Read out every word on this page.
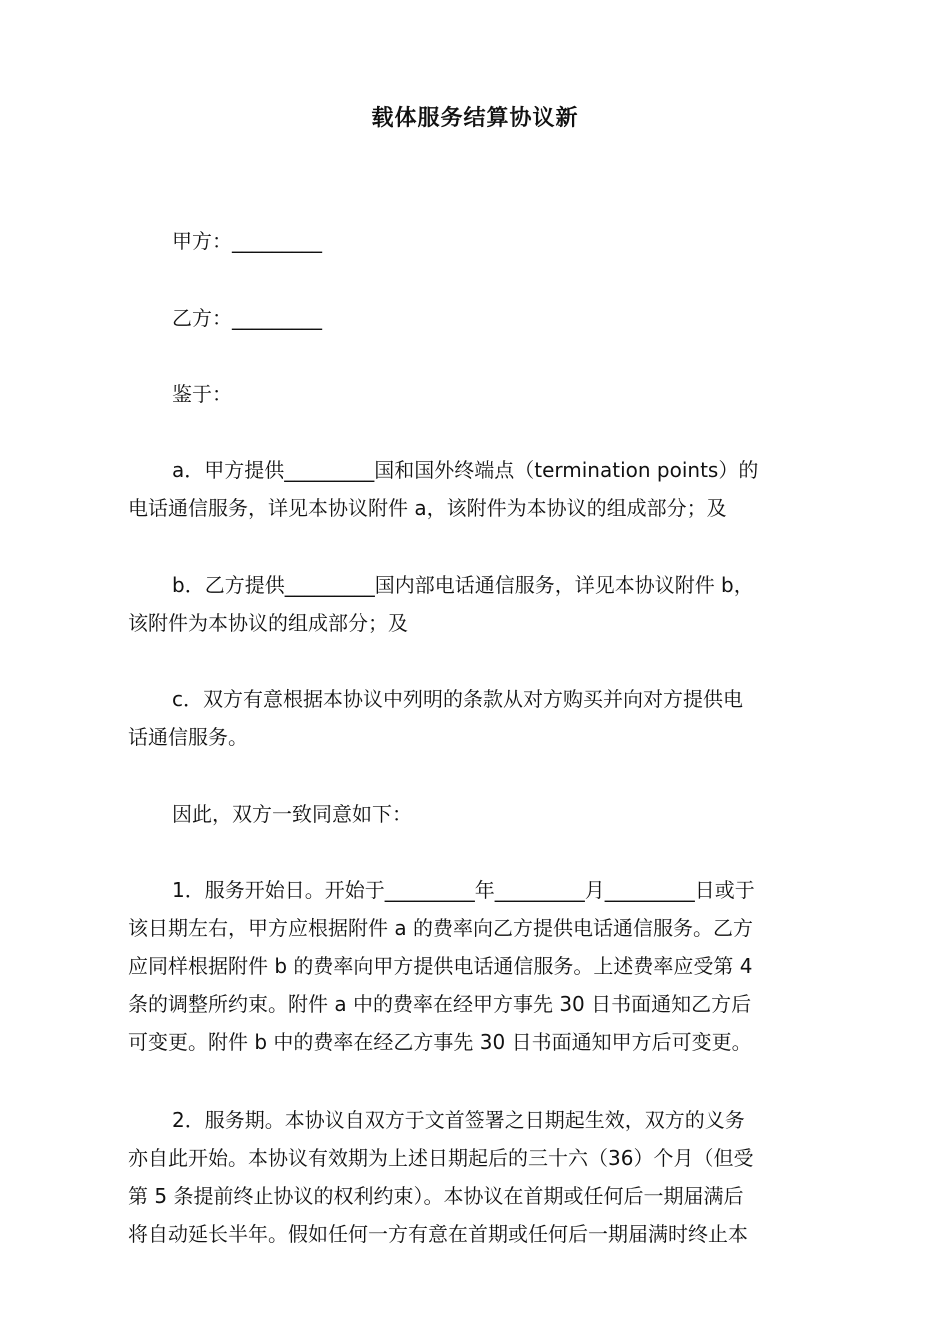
载体服务结算协议新
甲方：_________
乙方：_________
鉴于：
a．甲方提供_________国和国外终端点（termination points）的
电话通信服务，详见本协议附件 a，该附件为本协议的组成部分；及
b．乙方提供_________国内部电话通信服务，详见本协议附件 b，
该附件为本协议的组成部分；及
c．双方有意根据本协议中列明的条款从对方购买并向对方提供电
话通信服务。
因此，双方一致同意如下：
1．服务开始日。开始于_________年_________月_________日或于
该日期左右，甲方应根据附件 a 的费率向乙方提供电话通信服务。乙方
应同样根据附件 b 的费率向甲方提供电话通信服务。上述费率应受第 4
条的调整所约束。附件 a 中的费率在经甲方事先 30 日书面通知乙方后
可变更。附件 b 中的费率在经乙方事先 30 日书面通知甲方后可变更。
2．服务期。本协议自双方于文首签署之日期起生效，双方的义务
亦自此开始。本协议有效期为上述日期起后的三十六（36）个月（但受
第 5 条提前终止协议的权利约束）。本协议在首期或任何后一期届满后
将自动延长半年。假如任何一方有意在首期或任何后一期届满时终止本
